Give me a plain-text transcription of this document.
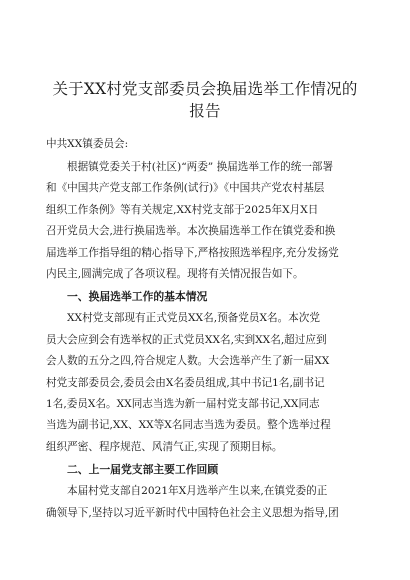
关于XX村党支部委员会换届选举工作情况的
报告

中共XX镇委员会:

根据镇党委关于村(社区)“两委” 换届选举工作的统一部署
和《中国共产党支部工作条例(试行)》《中国共产党农村基层
组织工作条例》等有关规定,XX村党支部于2025年X月X日
召开党员大会,进行换届选举。本次换届选举工作在镇党委和换
届选举工作指导组的精心指导下,严格按照选举程序,充分发扬党
内民主,圆满完成了各项议程。现将有关情况报告如下。

一、换届选举工作的基本情况

XX村党支部现有正式党员XX名,预备党员X名。本次党
员大会应到会有选举权的正式党员XX名,实到XX名,超过应到
会人数的五分之四,符合规定人数。大会选举产生了新一届XX
村党支部委员会,委员会由X名委员组成,其中书记1名,副书记
1名,委员X名。XX同志当选为新一届村党支部书记,XX同志
当选为副书记,XX、XX等X名同志当选为委员。整个选举过程
组织严密、程序规范、风清气正,实现了预期目标。

二、上一届党支部主要工作回顾

本届村党支部自2021年X月选举产生以来,在镇党委的正
确领导下,坚持以习近平新时代中国特色社会主义思想为指导,团
